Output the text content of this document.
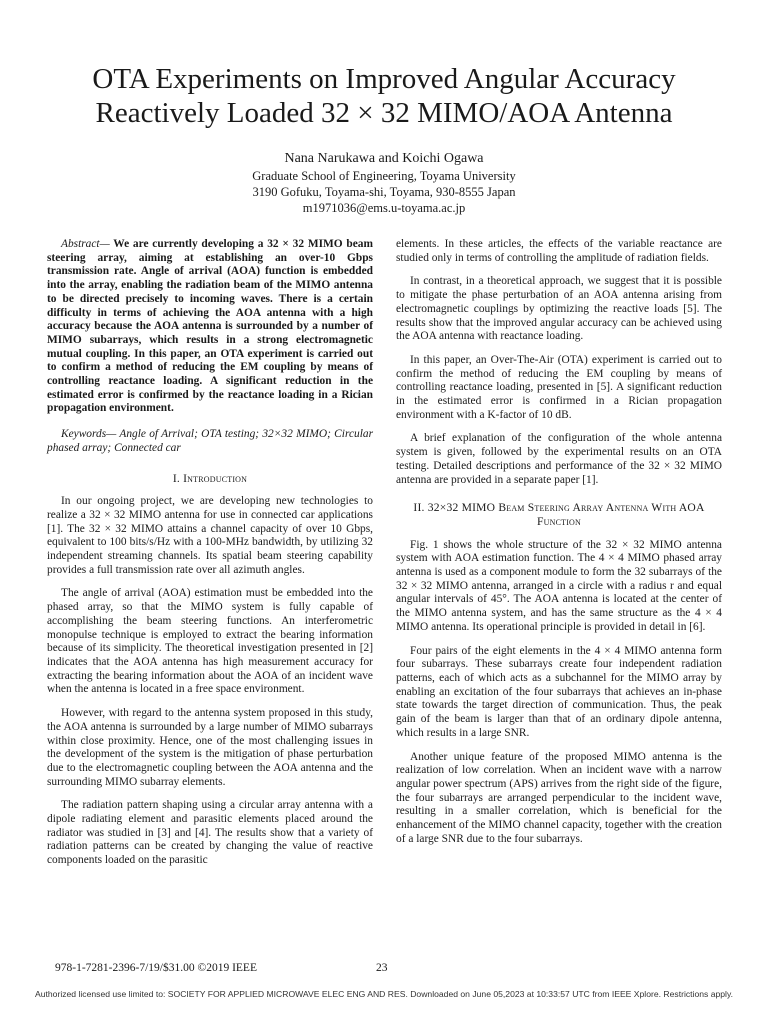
OTA Experiments on Improved Angular Accuracy Reactively Loaded 32 × 32 MIMO/AOA Antenna
Nana Narukawa and Koichi Ogawa
Graduate School of Engineering, Toyama University
3190 Gofuku, Toyama-shi, Toyama, 930-8555 Japan
m1971036@ems.u-toyama.ac.jp

Abstract— We are currently developing a 32 × 32 MIMO beam steering array, aiming at establishing an over-10 Gbps transmission rate. Angle of arrival (AOA) function is embedded into the array, enabling the radiation beam of the MIMO antenna to be directed precisely to incoming waves. There is a certain difficulty in terms of achieving the AOA antenna with a high accuracy because the AOA antenna is surrounded by a number of MIMO subarrays, which results in a strong electromagnetic mutual coupling. In this paper, an OTA experiment is carried out to confirm a method of reducing the EM coupling by means of controlling reactance loading. A significant reduction in the estimated error is confirmed by the reactance loading in a Rician propagation environment.

Keywords— Angle of Arrival; OTA testing; 32×32 MIMO; Circular phased array; Connected car

I. Introduction

In our ongoing project, we are developing new technologies to realize a 32 × 32 MIMO antenna for use in connected car applications [1]. The 32 × 32 MIMO attains a channel capacity of over 10 Gbps, equivalent to 100 bits/s/Hz with a 100-MHz bandwidth, by utilizing 32 independent streaming channels. Its spatial beam steering capability provides a full transmission rate over all azimuth angles.

The angle of arrival (AOA) estimation must be embedded into the phased array, so that the MIMO system is fully capable of accomplishing the beam steering functions. An interferometric monopulse technique is employed to extract the bearing information because of its simplicity. The theoretical investigation presented in [2] indicates that the AOA antenna has high measurement accuracy for extracting the bearing information about the AOA of an incident wave when the antenna is located in a free space environment.

However, with regard to the antenna system proposed in this study, the AOA antenna is surrounded by a large number of MIMO subarrays within close proximity. Hence, one of the most challenging issues in the development of the system is the mitigation of phase perturbation due to the electromagnetic coupling between the AOA antenna and the surrounding MIMO subarray elements.

The radiation pattern shaping using a circular array antenna with a dipole radiating element and parasitic elements placed around the radiator was studied in [3] and [4]. The results show that a variety of radiation patterns can be created by changing the value of reactive components loaded on the parasitic

elements. In these articles, the effects of the variable reactance are studied only in terms of controlling the amplitude of radiation fields.

In contrast, in a theoretical approach, we suggest that it is possible to mitigate the phase perturbation of an AOA antenna arising from electromagnetic couplings by optimizing the reactive loads [5]. The results show that the improved angular accuracy can be achieved using the AOA antenna with reactance loading.

In this paper, an Over-The-Air (OTA) experiment is carried out to confirm the method of reducing the EM coupling by means of controlling reactance loading, presented in [5]. A significant reduction in the estimated error is confirmed in a Rician propagation environment with a K-factor of 10 dB.

A brief explanation of the configuration of the whole antenna system is given, followed by the experimental results on an OTA testing. Detailed descriptions and performance of the 32 × 32 MIMO antenna are provided in a separate paper [1].

II. 32×32 MIMO Beam Steering Array Antenna With AOA Function

Fig. 1 shows the whole structure of the 32 × 32 MIMO antenna system with AOA estimation function. The 4 × 4 MIMO phased array antenna is used as a component module to form the 32 subarrays of the 32 × 32 MIMO antenna, arranged in a circle with a radius r and equal angular intervals of 45°. The AOA antenna is located at the center of the MIMO antenna system, and has the same structure as the 4 × 4 MIMO antenna. Its operational principle is provided in detail in [6].

Four pairs of the eight elements in the 4 × 4 MIMO antenna form four subarrays. These subarrays create four independent radiation patterns, each of which acts as a subchannel for the MIMO array by enabling an excitation of the four subarrays that achieves an in-phase state towards the target direction of communication. Thus, the peak gain of the beam is larger than that of an ordinary dipole antenna, which results in a large SNR.

Another unique feature of the proposed MIMO antenna is the realization of low correlation. When an incident wave with a narrow angular power spectrum (APS) arrives from the right side of the figure, the four subarrays are arranged perpendicular to the incident wave, resulting in a smaller correlation, which is beneficial for the enhancement of the MIMO channel capacity, together with the creation of a large SNR due to the four subarrays.

978-1-7281-2396-7/19/$31.00 ©2019 IEEE	23
Authorized licensed use limited to: SOCIETY FOR APPLIED MICROWAVE ELEC ENG AND RES. Downloaded on June 05,2023 at 10:33:57 UTC from IEEE Xplore. Restrictions apply.
